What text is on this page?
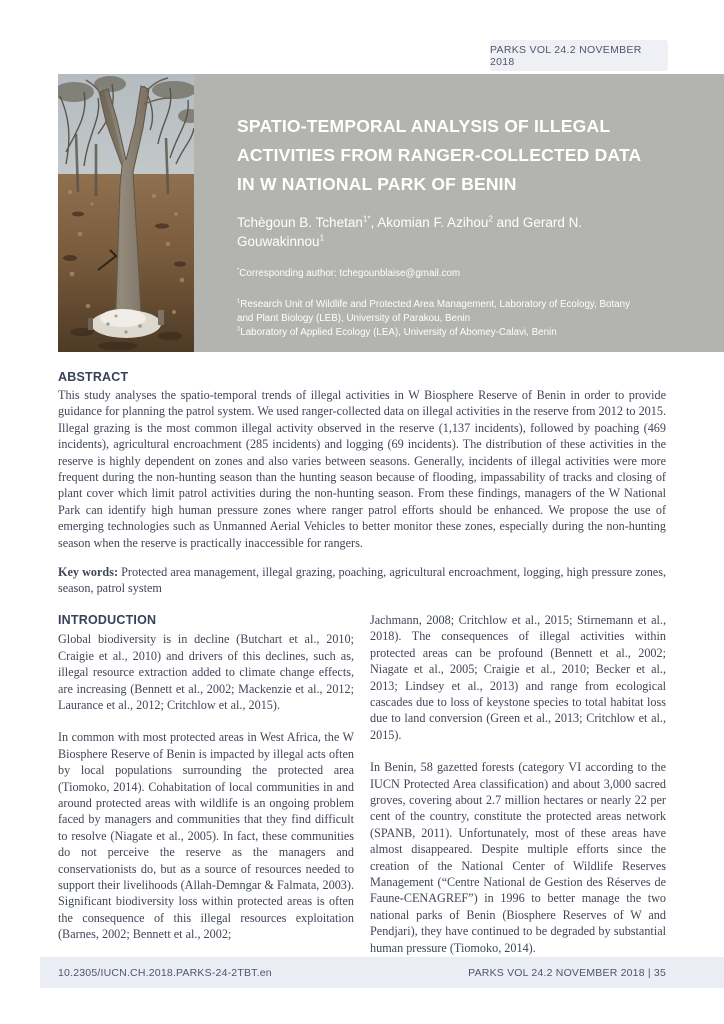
PARKS VOL 24.2 NOVEMBER 2018
SPATIO-TEMPORAL ANALYSIS OF ILLEGAL
ACTIVITIES FROM RANGER-COLLECTED DATA
IN W NATIONAL PARK OF BENIN
Tchègoun B. Tchetan$^{1*}$, Akomian F. Azihou$^2$ and Gerard N. Gouwakinnou$^1$
*Corresponding author: tchegounblaise@gmail.com
$^1$Research Unit of Wildlife and Protected Area Management, Laboratory of Ecology, Botany and Plant Biology (LEB), University of Parakou, Benin
$^2$Laboratory of Applied Ecology (LEA), University of Abomey-Calavi, Benin
ABSTRACT

This study analyses the spatio-temporal trends of illegal activities in W Biosphere Reserve of Benin in order to provide guidance for planning the patrol system. We used ranger-collected data on illegal activities in the reserve from 2012 to 2015. Illegal grazing is the most common illegal activity observed in the reserve (1,137 incidents), followed by poaching (469 incidents), agricultural encroachment (285 incidents) and logging (69 incidents). The distribution of these activities in the reserve is highly dependent on zones and also varies between seasons. Generally, incidents of illegal activities were more frequent during the non-hunting season than the hunting season because of flooding, impassability of tracks and closing of plant cover which limit patrol activities during the non-hunting season. From these findings, managers of the W National Park can identify high human pressure zones where ranger patrol efforts should be enhanced. We propose the use of emerging technologies such as Unmanned Aerial Vehicles to better monitor these zones, especially during the non-hunting season when the reserve is practically inaccessible for rangers.

Key words: Protected area management, illegal grazing, poaching, agricultural encroachment, logging, high pressure zones, season, patrol system

INTRODUCTION

Global biodiversity is in decline (Butchart et al., 2010; Craigie et al., 2010) and drivers of this declines, such as, illegal resource extraction added to climate change effects, are increasing (Bennett et al., 2002; Mackenzie et al., 2012; Laurance et al., 2012; Critchlow et al., 2015).

In common with most protected areas in West Africa, the W Biosphere Reserve of Benin is impacted by illegal acts often by local populations surrounding the protected area (Tiomoko, 2014). Cohabitation of local communities in and around protected areas with wildlife is an ongoing problem faced by managers and communities that they find difficult to resolve (Niagate et al., 2005). In fact, these communities do not perceive the reserve as the managers and conservationists do, but as a source of resources needed to support their livelihoods (Allah-Demngar & Falmata, 2003). Significant biodiversity loss within protected areas is often the consequence of this illegal resources exploitation (Barnes, 2002; Bennett et al., 2002;

Jachmann, 2008; Critchlow et al., 2015; Stirnemann et al., 2018). The consequences of illegal activities within protected areas can be profound (Bennett et al., 2002; Niagate et al., 2005; Craigie et al., 2010; Becker et al., 2013; Lindsey et al., 2013) and range from ecological cascades due to loss of keystone species to total habitat loss due to land conversion (Green et al., 2013; Critchlow et al., 2015).

In Benin, 58 gazetted forests (category VI according to the IUCN Protected Area classification) and about 3,000 sacred groves, covering about 2.7 million hectares or nearly 22 per cent of the country, constitute the protected areas network (SPANB, 2011). Unfortunately, most of these areas have almost disappeared. Despite multiple efforts since the creation of the National Center of Wildlife Reserves Management (“Centre National de Gestion des Réserves de Faune-CENAGREF”) in 1996 to better manage the two national parks of Benin (Biosphere Reserves of W and Pendjari), they have continued to be degraded by substantial human pressure (Tiomoko, 2014).

10.2305/IUCN.CH.2018.PARKS-24-2TBT.en	PARKS VOL 24.2 NOVEMBER 2018 | 35
